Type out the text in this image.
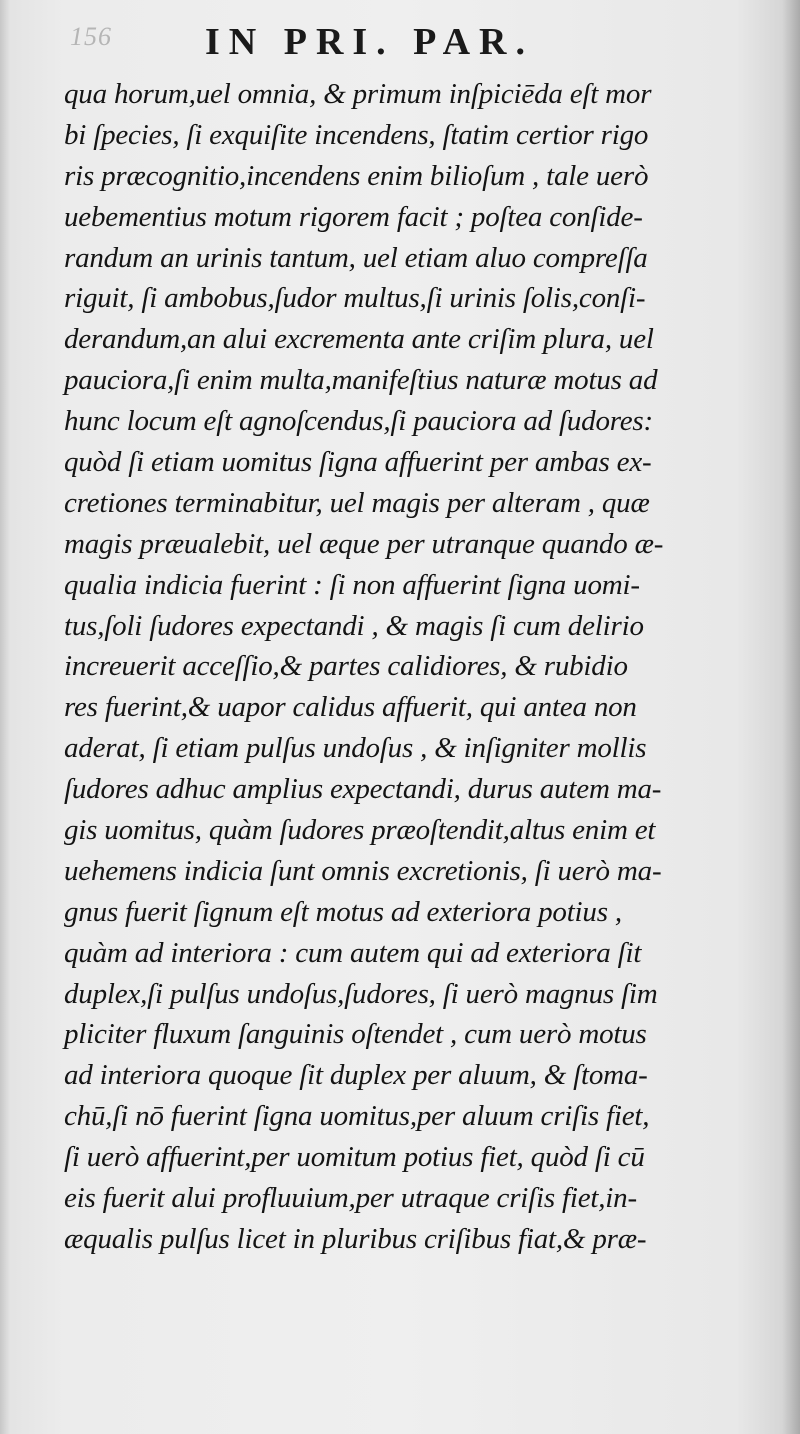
156 IN PRI. PAR.
qua horum,uel omnia, & primum inſpiciēda eſt mor
bi ſpecies, ſi exquiſite incendens, ſtatim certior rigo
ris præcognitio,incendens enim bilioſum , tale uerò
uebementius motum rigorem facit ; poſtea conſide-
randum an urinis tantum, uel etiam aluo compreſſa
riguit, ſi ambobus,ſudor multus,ſi urinis ſolis,conſi-
derandum,an alui excrementa ante criſim plura, uel
pauciora,ſi enim multa,manifeſtius naturæ motus ad
hunc locum eſt agnoſcendus,ſi pauciora ad ſudores:
quòd ſi etiam uomitus ſigna affuerint per ambas ex-
cretiones terminabitur, uel magis per alteram , quæ
magis præualebit, uel æque per utranque quando æ-
qualia indicia fuerint : ſi non affuerint ſigna uomi-
tus,ſoli ſudores expectandi , & magis ſi cum delirio
increuerit acceſſio,& partes calidiores, & rubidio
res fuerint,& uapor calidus affuerit, qui antea non
aderat, ſi etiam pulſus undoſus , & inſigniter mollis
ſudores adhuc amplius expectandi, durus autem ma-
gis uomitus, quàm ſudores præoſtendit,altus enim et
uehemens indicia ſunt omnis excretionis, ſi uerò ma-
gnus fuerit ſignum eſt motus ad exteriora potius ,
quàm ad interiora : cum autem qui ad exteriora ſit
duplex,ſi pulſus undoſus,ſudores, ſi uerò magnus ſim
pliciter fluxum ſanguinis oſtendet , cum uerò motus
ad interiora quoque ſit duplex per aluum, & ſtoma-
chū,ſi nō fuerint ſigna uomitus,per aluum criſis fiet,
ſi uerò affuerint,per uomitum potius fiet, quòd ſi cū
eis fuerit alui profluuium,per utraque criſis fiet,in-
æqualis pulſus licet in pluribus criſibus fiat,& præ-
